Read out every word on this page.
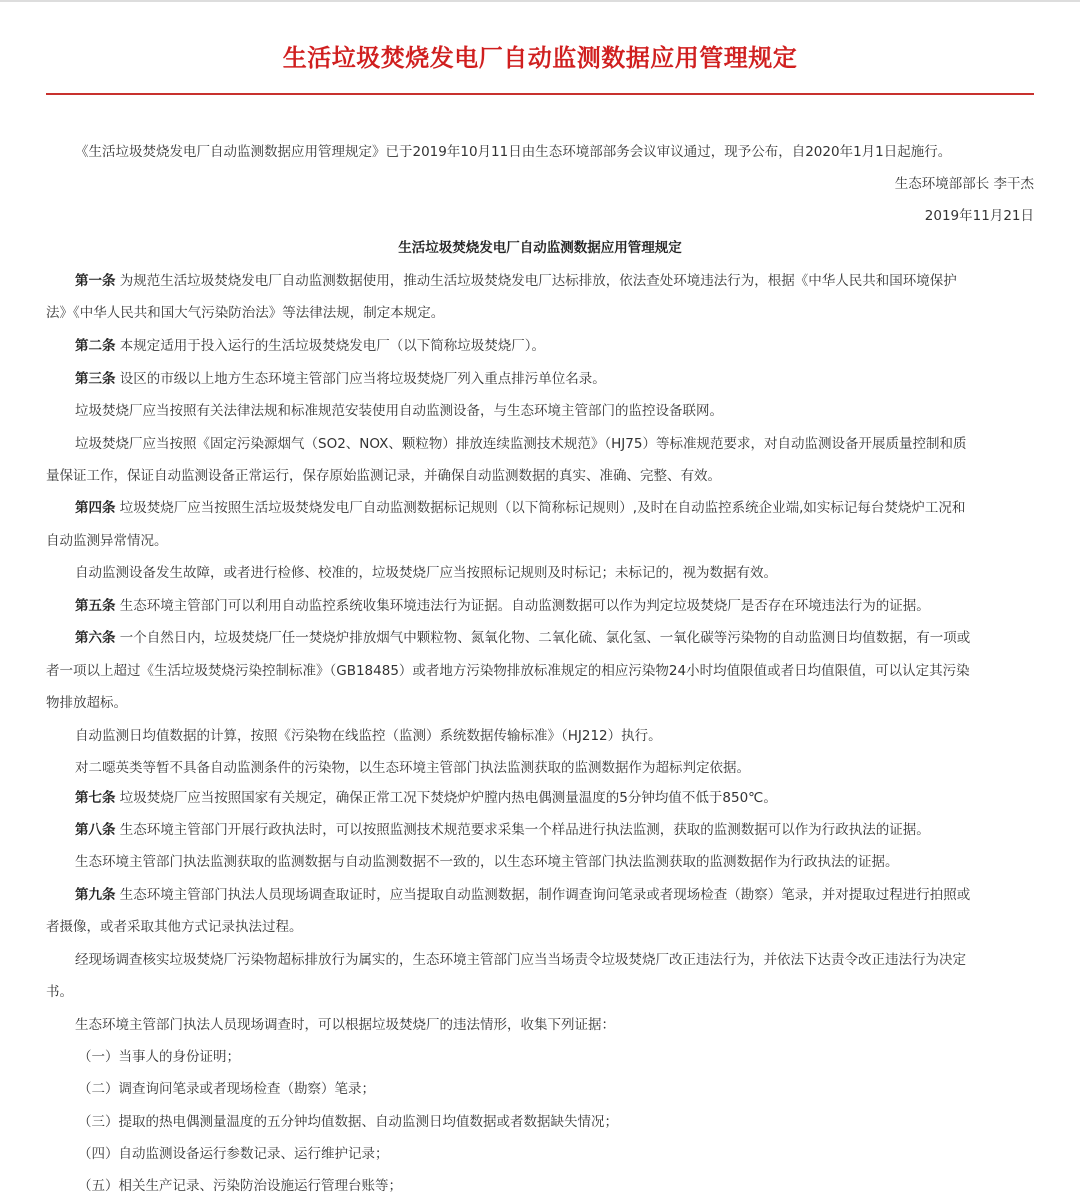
生活垃圾焚烧发电厂自动监测数据应用管理规定
《生活垃圾焚烧发电厂自动监测数据应用管理规定》已于2019年10月11日由生态环境部部务会议审议通过，现予公布，自2020年1月1日起施行。
生态环境部部长 李干杰
2019年11月21日
生活垃圾焚烧发电厂自动监测数据应用管理规定
第一条 为规范生活垃圾焚烧发电厂自动监测数据使用，推动生活垃圾焚烧发电厂达标排放，依法查处环境违法行为，根据《中华人民共和国环境保护
法》《中华人民共和国大气污染防治法》等法律法规，制定本规定。
第二条 本规定适用于投入运行的生活垃圾焚烧发电厂（以下简称垃圾焚烧厂）。
第三条 设区的市级以上地方生态环境主管部门应当将垃圾焚烧厂列入重点排污单位名录。
垃圾焚烧厂应当按照有关法律法规和标准规范安装使用自动监测设备，与生态环境主管部门的监控设备联网。
垃圾焚烧厂应当按照《固定污染源烟气（SO2、NOX、颗粒物）排放连续监测技术规范》（HJ75）等标准规范要求，对自动监测设备开展质量控制和质
量保证工作，保证自动监测设备正常运行，保存原始监测记录，并确保自动监测数据的真实、准确、完整、有效。
第四条 垃圾焚烧厂应当按照生活垃圾焚烧发电厂自动监测数据标记规则（以下简称标记规则）,及时在自动监控系统企业端,如实标记每台焚烧炉工况和
自动监测异常情况。
自动监测设备发生故障，或者进行检修、校准的，垃圾焚烧厂应当按照标记规则及时标记；未标记的，视为数据有效。
第五条 生态环境主管部门可以利用自动监控系统收集环境违法行为证据。自动监测数据可以作为判定垃圾焚烧厂是否存在环境违法行为的证据。
第六条 一个自然日内，垃圾焚烧厂任一焚烧炉排放烟气中颗粒物、氮氧化物、二氧化硫、氯化氢、一氧化碳等污染物的自动监测日均值数据，有一项或
者一项以上超过《生活垃圾焚烧污染控制标准》（GB18485）或者地方污染物排放标准规定的相应污染物24小时均值限值或者日均值限值，可以认定其污染
物排放超标。
自动监测日均值数据的计算，按照《污染物在线监控（监测）系统数据传输标准》（HJ212）执行。
对二噁英类等暂不具备自动监测条件的污染物，以生态环境主管部门执法监测获取的监测数据作为超标判定依据。
第七条 垃圾焚烧厂应当按照国家有关规定，确保正常工况下焚烧炉炉膛内热电偶测量温度的5分钟均值不低于850℃。
第八条 生态环境主管部门开展行政执法时，可以按照监测技术规范要求采集一个样品进行执法监测，获取的监测数据可以作为行政执法的证据。
生态环境主管部门执法监测获取的监测数据与自动监测数据不一致的，以生态环境主管部门执法监测获取的监测数据作为行政执法的证据。
第九条 生态环境主管部门执法人员现场调查取证时，应当提取自动监测数据，制作调查询问笔录或者现场检查（勘察）笔录，并对提取过程进行拍照或
者摄像，或者采取其他方式记录执法过程。
经现场调查核实垃圾焚烧厂污染物超标排放行为属实的，生态环境主管部门应当当场责令垃圾焚烧厂改正违法行为，并依法下达责令改正违法行为决定
书。
生态环境主管部门执法人员现场调查时，可以根据垃圾焚烧厂的违法情形，收集下列证据：
（一）当事人的身份证明；
（二）调查询问笔录或者现场检查（勘察）笔录；
（三）提取的热电偶测量温度的五分钟均值数据、自动监测日均值数据或者数据缺失情况；
（四）自动监测设备运行参数记录、运行维护记录；
（五）相关生产记录、污染防治设施运行管理台账等；
